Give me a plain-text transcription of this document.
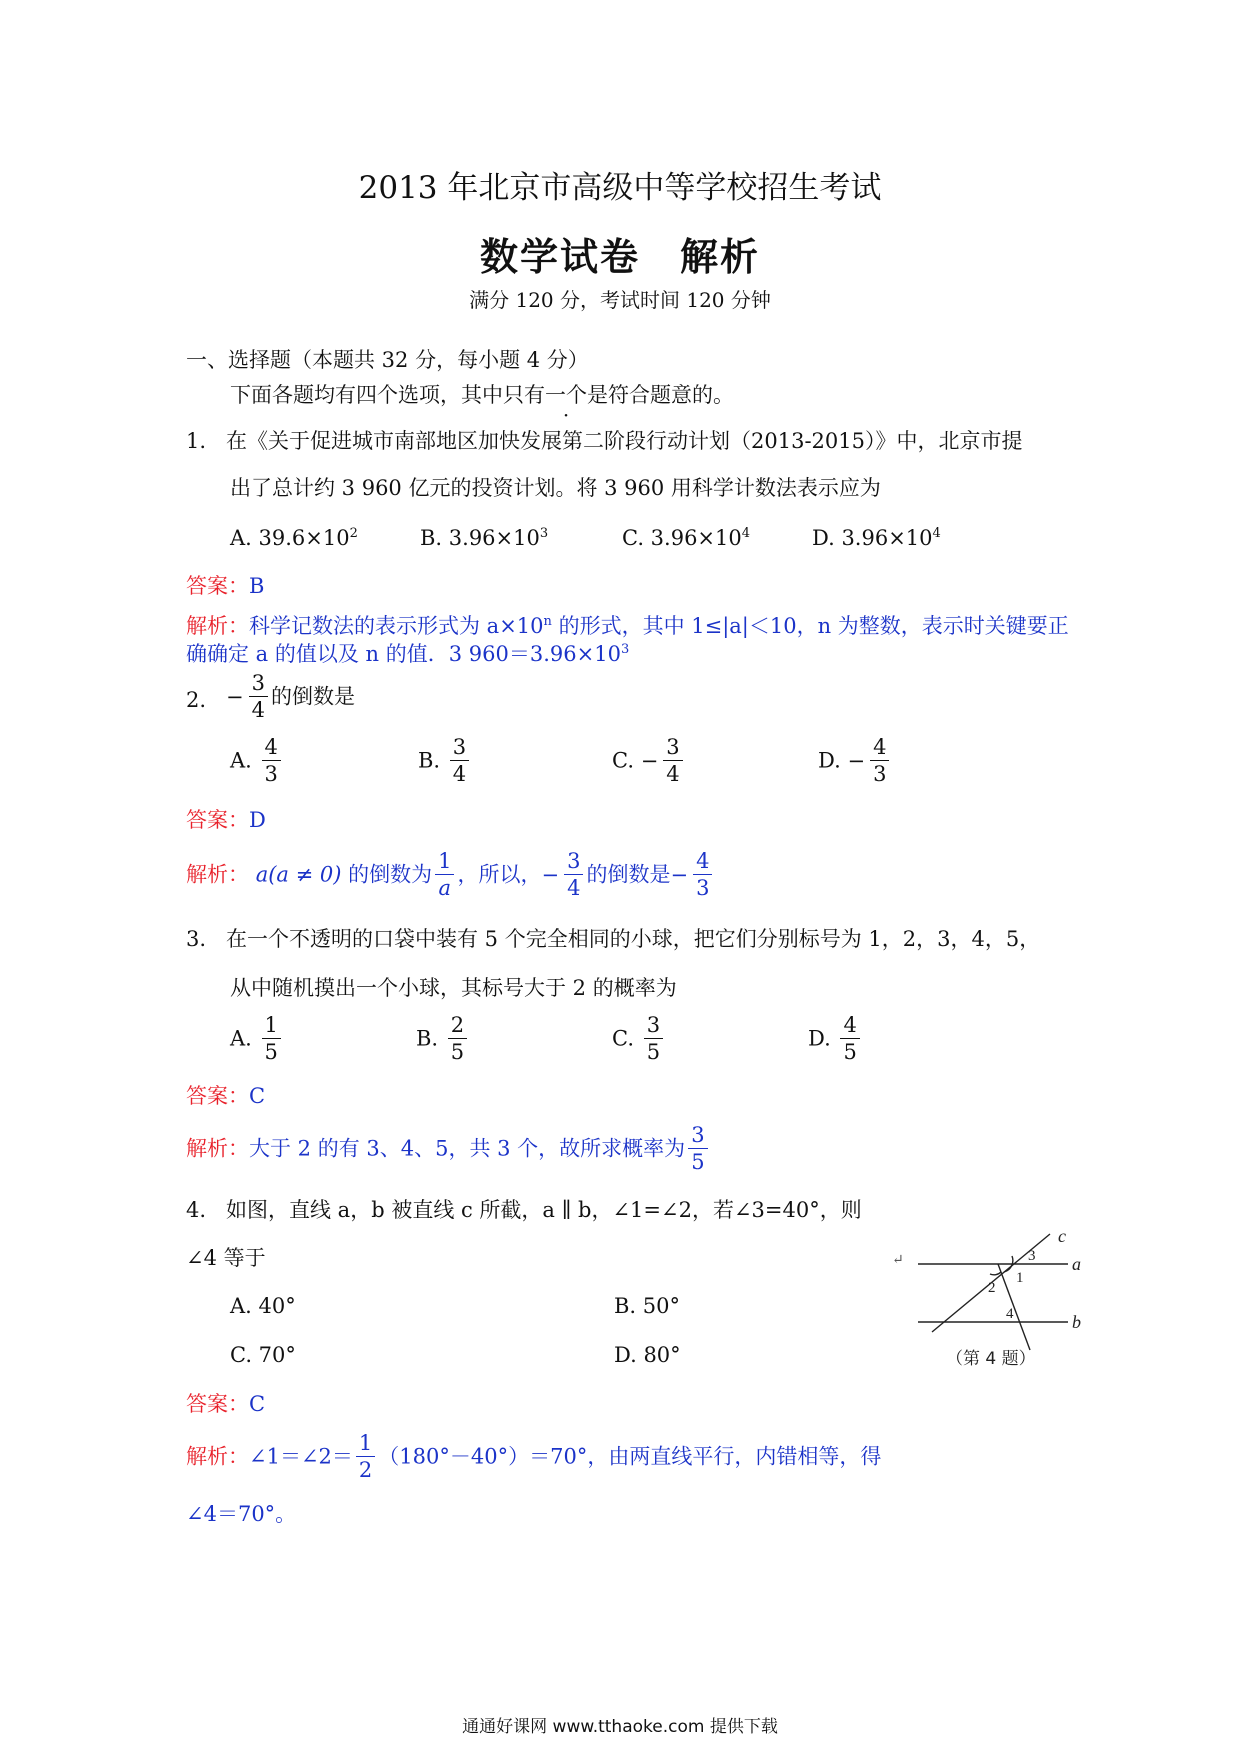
2013 年北京市高级中等学校招生考试
数学试卷　解析
满分 120 分，考试时间 120 分钟
一、选择题（本题共 32 分，每小题 4 分）
下面各题均有四个选项，其中只有一个是符合题意的。
1. 在《关于促进城市南部地区加快发展第二阶段行动计划（2013-2015）》中，北京市提
出了总计约 3 960 亿元的投资计划。将 3 960 用科学计数法表示应为
A. $39.6\times 10^2$	B. $3.96\times 10^3$	C. $3.96\times 10^4$	D. $3.96\times 10^4$
答案：B
解析：科学记数法的表示形式为 $a\times 10^n$ 的形式，其中 1≤|a|＜10，n 为整数，表示时关键要正
确确定 a 的值以及 n 的值．3 $960=3.96\times 10^3$
2. − $\frac{3}{4}$ 的倒数是
A. $\frac{4}{3}$	B. $\frac{3}{4}$	C. − $\frac{3}{4}$	D. − $\frac{4}{3}$
答案：D
解析： a(a ≠ 0) 的倒数为 $\frac{1}{a}$ ，所以，− $\frac{3}{4}$ 的倒数是− $\frac{4}{3}$
3. 在一个不透明的口袋中装有 5 个完全相同的小球，把它们分别标号为 1，2，3，4，5，
从中随机摸出一个小球，其标号大于 2 的概率为
A. $\frac{1}{5}$	B. $\frac{2}{5}$	C. $\frac{3}{5}$	D. $\frac{4}{5}$
答案：C
解析：大于 2 的有 3、4、5，共 3 个，故所求概率为 $\frac{3}{5}$
4. 如图，直线 a，b 被直线 c 所截，a ∥ b，∠1=∠2，若∠3=40°，则
∠4 等于
A. 40°	B. 50°
C. 70°	D. 80°
答案：C
解析：∠1＝∠2＝ $\frac{1}{2} (180^\circ-40^\circ)=70^\circ$，由两直线平行，内错相等，得
∠4＝70°。
↵
c
a
b
3
1
2
4
（第 4 题）
通通好课网 www.tthaoke.com 提供下载
